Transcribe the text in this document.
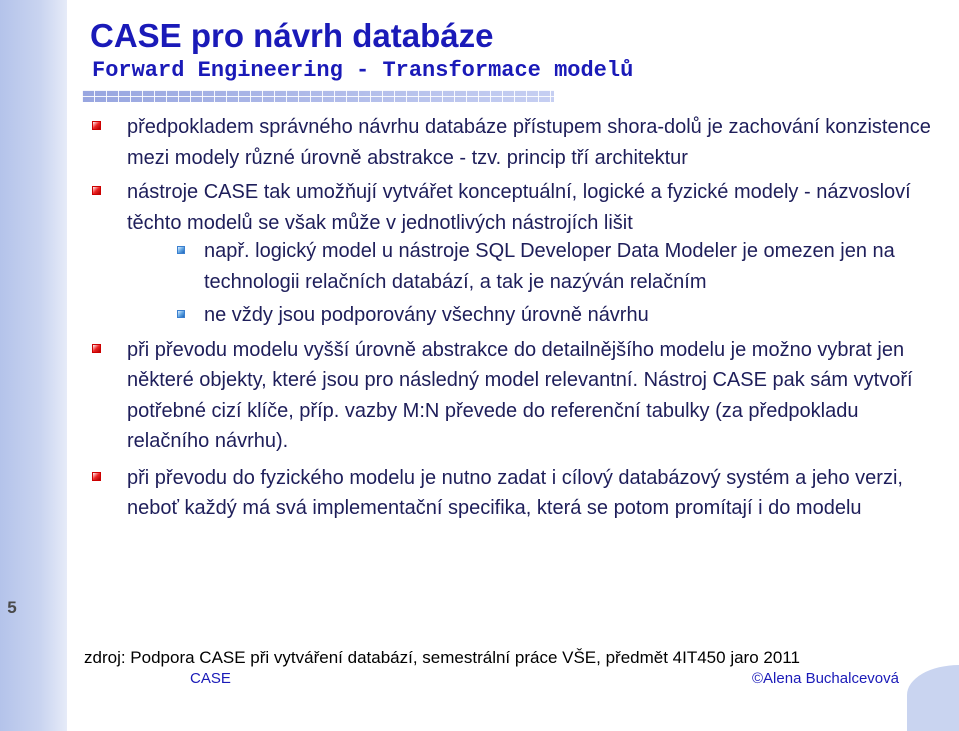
5
CASE pro návrh databáze
Forward Engineering - Transformace modelů
předpokladem správného návrhu databáze přístupem shora-dolů je zachování konzistence mezi modely různé úrovně abstrakce - tzv. princip tří architektur
nástroje CASE tak umožňují vytvářet konceptuální, logické a fyzické modely - názvosloví těchto modelů se však může v jednotlivých nástrojích lišit
např. logický model u nástroje SQL Developer Data Modeler je omezen jen na technologii relačních databází, a tak je nazýván relačním
ne vždy jsou podporovány všechny úrovně návrhu
při převodu modelu vyšší úrovně abstrakce do detailnějšího modelu je možno vybrat jen některé objekty, které jsou pro následný model relevantní. Nástroj CASE pak sám vytvoří potřebné cizí klíče, příp. vazby M:N převede do referenční tabulky (za předpokladu relačního návrhu).
při převodu do fyzického modelu je nutno zadat i cílový databázový systém a jeho verzi, neboť každý má svá implementační specifika, která se potom promítají i do modelu
zdroj: Podpora CASE při vytváření databází, semestrální práce VŠE, předmět 4IT450 jaro 2011
CASE	©Alena Buchalcevová
